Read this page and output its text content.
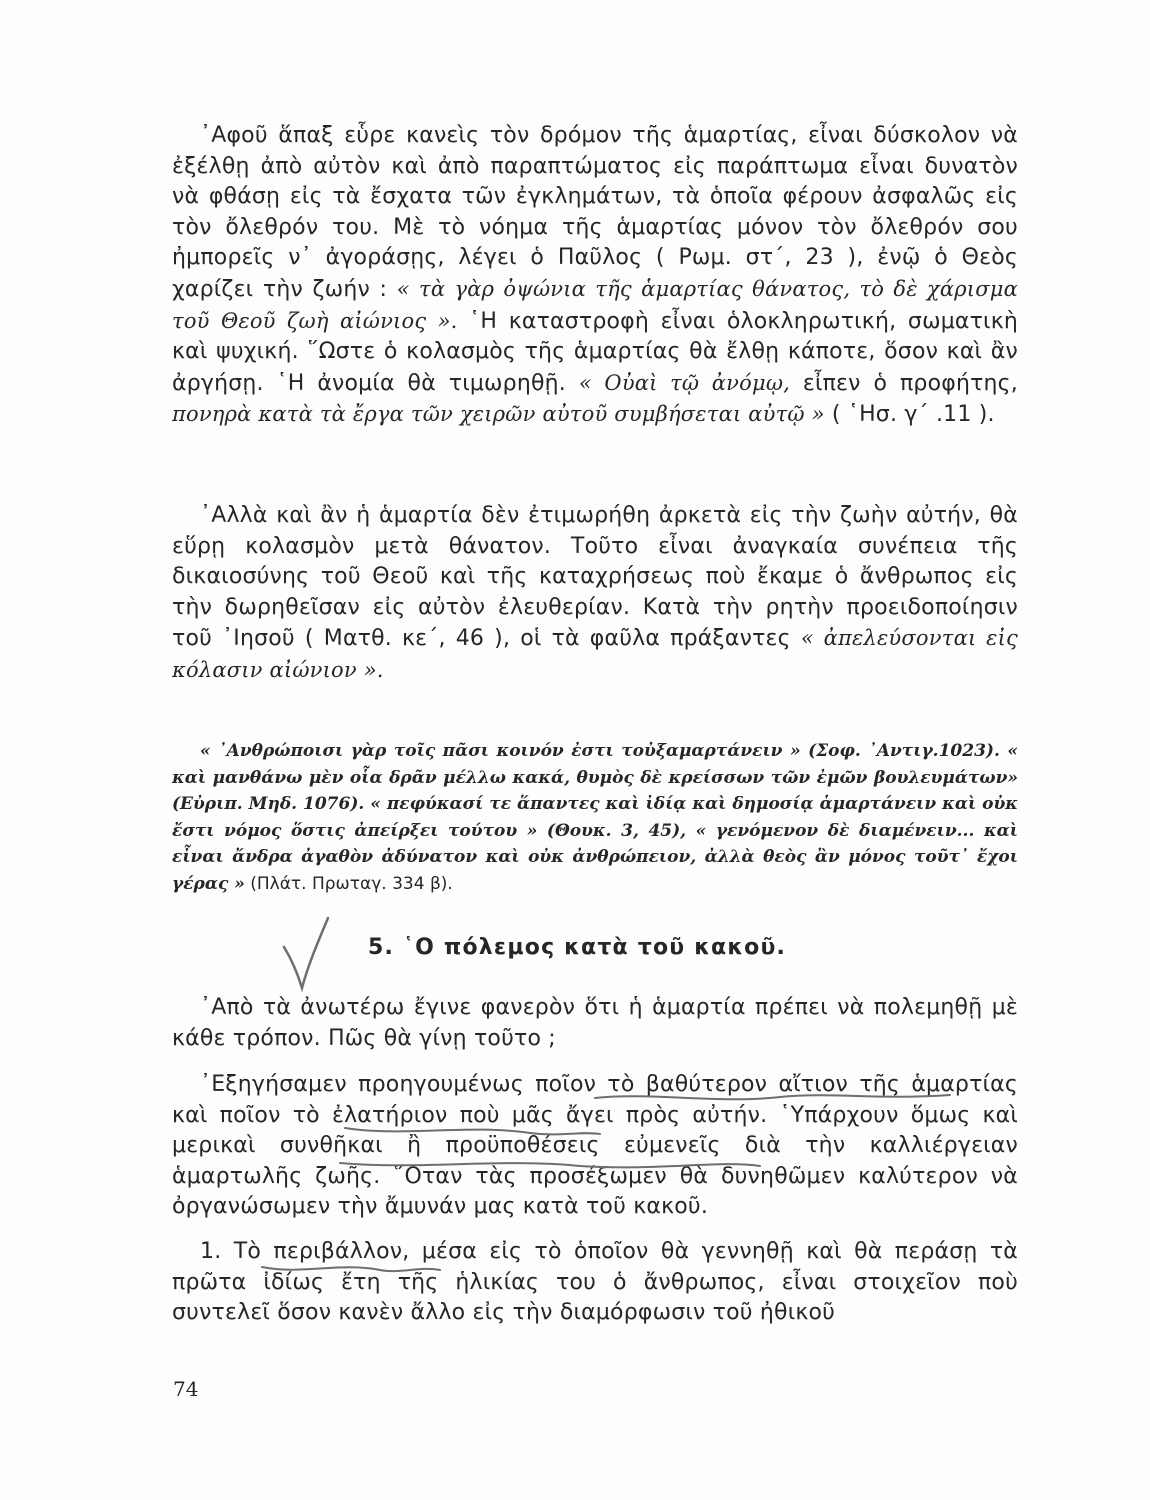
᾿Αφοῦ ἅπαξ εὗρε κανεὶς τὸν δρόμον τῆς ἁμαρτίας, εἶναι δύσκολον νὰ ἐξέλθῃ ἀπὸ αὐτὸν καὶ ἀπὸ παραπτώματος εἰς παράπτωμα εἶναι δυνατὸν νὰ φθάσῃ εἰς τὰ ἔσχατα τῶν ἐγκλημάτων, τὰ ὁποῖα φέρουν ἀσφαλῶς εἰς τὸν ὄλεθρόν του. Μὲ τὸ νόημα τῆς ἁμαρτίας μόνον τὸν ὄλεθρόν σου ἠμπορεῖς ν᾿ ἀγοράσῃς, λέγει ὁ Παῦλος ( Ρωμ. στ΄, 23 ), ἐνῷ ὁ Θεὸς χαρίζει τὴν ζωήν : « τὰ γὰρ ὀψώνια τῆς ἁμαρτίας θάνατος, τὸ δὲ χάρισμα τοῦ Θεοῦ ζωὴ αἰώνιος ». ῾Η καταστροφὴ εἶναι ὁλοκληρωτική, σωματικὴ καὶ ψυχική. ῞Ωστε ὁ κολασμὸς τῆς ἁμαρτίας θὰ ἔλθῃ κάποτε, ὅσον καὶ ἂν ἀργήσῃ. ῾Η ἀνομία θὰ τιμωρηθῇ. « Οὐαὶ τῷ ἀνόμῳ, εἶπεν ὁ προφήτης, πονηρὰ κατὰ τὰ ἔργα τῶν χειρῶν αὐτοῦ συμβήσεται αὐτῷ » ( ῾Ησ. γ΄ .11 ).

᾿Αλλὰ καὶ ἂν ἡ ἁμαρτία δὲν ἐτιμωρήθη ἀρκετὰ εἰς τὴν ζωὴν αὐτήν, θὰ εὕρῃ κολασμὸν μετὰ θάνατον. Τοῦτο εἶναι ἀναγκαία συνέπεια τῆς δικαιοσύνης τοῦ Θεοῦ καὶ τῆς καταχρήσεως ποὺ ἔκαμε ὁ ἄνθρωπος εἰς τὴν δωρηθεῖσαν εἰς αὐτὸν ἐλευθερίαν. Κατὰ τὴν ρητὴν προειδοποίησιν τοῦ ᾿Ιησοῦ ( Ματθ. κε΄, 46 ), οἱ τὰ φαῦλα πράξαντες « ἀπελεύσονται εἰς κόλασιν αἰώνιον ».

« ᾿Ανθρώποισι γὰρ τοῖς πᾶσι κοινόν ἐστι τοὐξαμαρτάνειν » (Σοφ. ᾿Αντιγ.1023). « καὶ μανθάνω μὲν οἷα δρᾶν μέλλω κακά, θυμὸς δὲ κρείσσων τῶν ἐμῶν βουλευμάτων» (Εὐριπ. Μηδ. 1076). « πεφύκασί τε ἅπαντες καὶ ἰδίᾳ καὶ δημοσίᾳ ἁμαρτάνειν καὶ οὐκ ἔστι νόμος ὅστις ἀπείρξει τούτου » (Θουκ. 3, 45), « γενόμενον δὲ διαμένειν... καὶ εἶναι ἄνδρα ἀγαθὸν ἀδύνατον καὶ οὐκ ἀνθρώπειον, ἀλλὰ θεὸς ἂν μόνος τοῦτ᾿ ἔχοι γέρας » (Πλάτ. Πρωταγ. 334 β).

5. ῾Ο πόλεμος κατὰ τοῦ κακοῦ.

᾿Απὸ τὰ ἀνωτέρω ἔγινε φανερὸν ὅτι ἡ ἁμαρτία πρέπει νὰ πολεμηθῇ μὲ κάθε τρόπον. Πῶς θὰ γίνῃ τοῦτο ;

᾿Εξηγήσαμεν προηγουμένως ποῖον τὸ βαθύτερον αἴτιον τῆς ἁμαρτίας καὶ ποῖον τὸ ἐλατήριον ποὺ μᾶς ἄγει πρὸς αὐτήν. ῾Υπάρχουν ὅμως καὶ μερικαὶ συνθῆκαι ἢ προϋποθέσεις εὐμενεῖς διὰ τὴν καλλιέργειαν ἁμαρτωλῆς ζωῆς. ῞Οταν τὰς προσέξωμεν θὰ δυνηθῶμεν καλύτερον νὰ ὀργανώσωμεν τὴν ἄμυνάν μας κατὰ τοῦ κακοῦ.

1. Τὸ περιβάλλον, μέσα εἰς τὸ ὁποῖον θὰ γεννηθῇ καὶ θὰ περάσῃ τὰ πρῶτα ἰδίως ἔτη τῆς ἡλικίας του ὁ ἄνθρωπος, εἶναι στοιχεῖον ποὺ συντελεῖ ὅσον κανὲν ἄλλο εἰς τὴν διαμόρφωσιν τοῦ ἠθικοῦ

74
